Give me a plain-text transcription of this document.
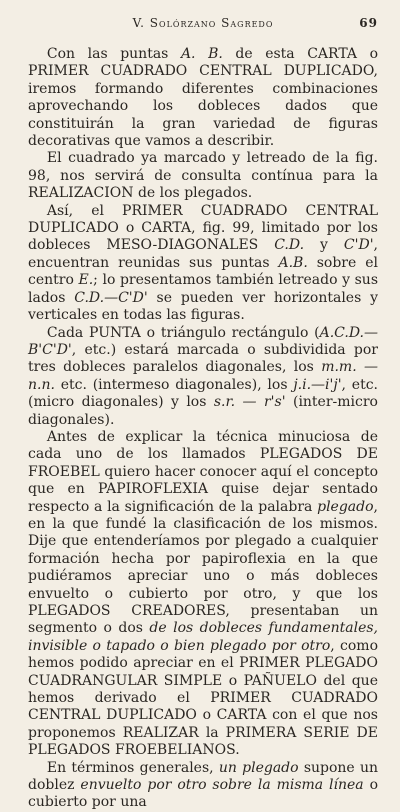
V. Solórzano Sagredo	69

Con las puntas A. B. de esta CARTA o PRIMER CUADRADO CENTRAL DUPLICADO, iremos formando diferentes combinaciones aprovechando los dobleces dados que constituirán la gran variedad de figuras decorativas que vamos a describir.

El cuadrado ya marcado y letreado de la fig. 98, nos servirá de consulta contínua para la REALIZACION de los plegados.

Así, el PRIMER CUADRADO CENTRAL DUPLICADO o CARTA, fig. 99, limitado por los dobleces MESO-DIAGONALES C.D. y C'D', encuentran reunidas sus puntas A.B. sobre el centro E.; lo presentamos también letreado y sus lados C.D.—C'D' se pueden ver horizontales y verticales en todas las figuras.

Cada PUNTA o triángulo rectángulo (A.C.D.—B'C'D', etc.) estará marcada o subdividida por tres dobleces paralelos diagonales, los m.m. — n.n. etc. (intermeso diagonales), los j.i.—i'j', etc. (micro diagonales) y los s.r. — r's' (inter-micro diagonales).

Antes de explicar la técnica minuciosa de cada uno de los llamados PLEGADOS DE FROEBEL quiero hacer conocer aquí el concepto que en PAPIROFLEXIA quise dejar sentado respecto a la significación de la palabra plegado, en la que fundé la clasificación de los mismos. Dije que entenderíamos por plegado a cualquier formación hecha por papiroflexia en la que pudiéramos apreciar uno o más dobleces envuelto o cubierto por otro, y que los PLEGADOS CREADORES, presentaban un segmento o dos de los dobleces fundamentales, invisible o tapado o bien plegado por otro, como hemos podido apreciar en el PRIMER PLEGADO CUADRANGULAR SIMPLE o PAÑUELO del que hemos derivado el PRIMER CUADRADO CENTRAL DUPLICADO o CARTA con el que nos proponemos REALIZAR la PRIMERA SERIE DE PLEGADOS FROEBELIANOS.

En términos generales, un plegado supone un doblez envuelto por otro sobre la misma línea o cubierto por una
